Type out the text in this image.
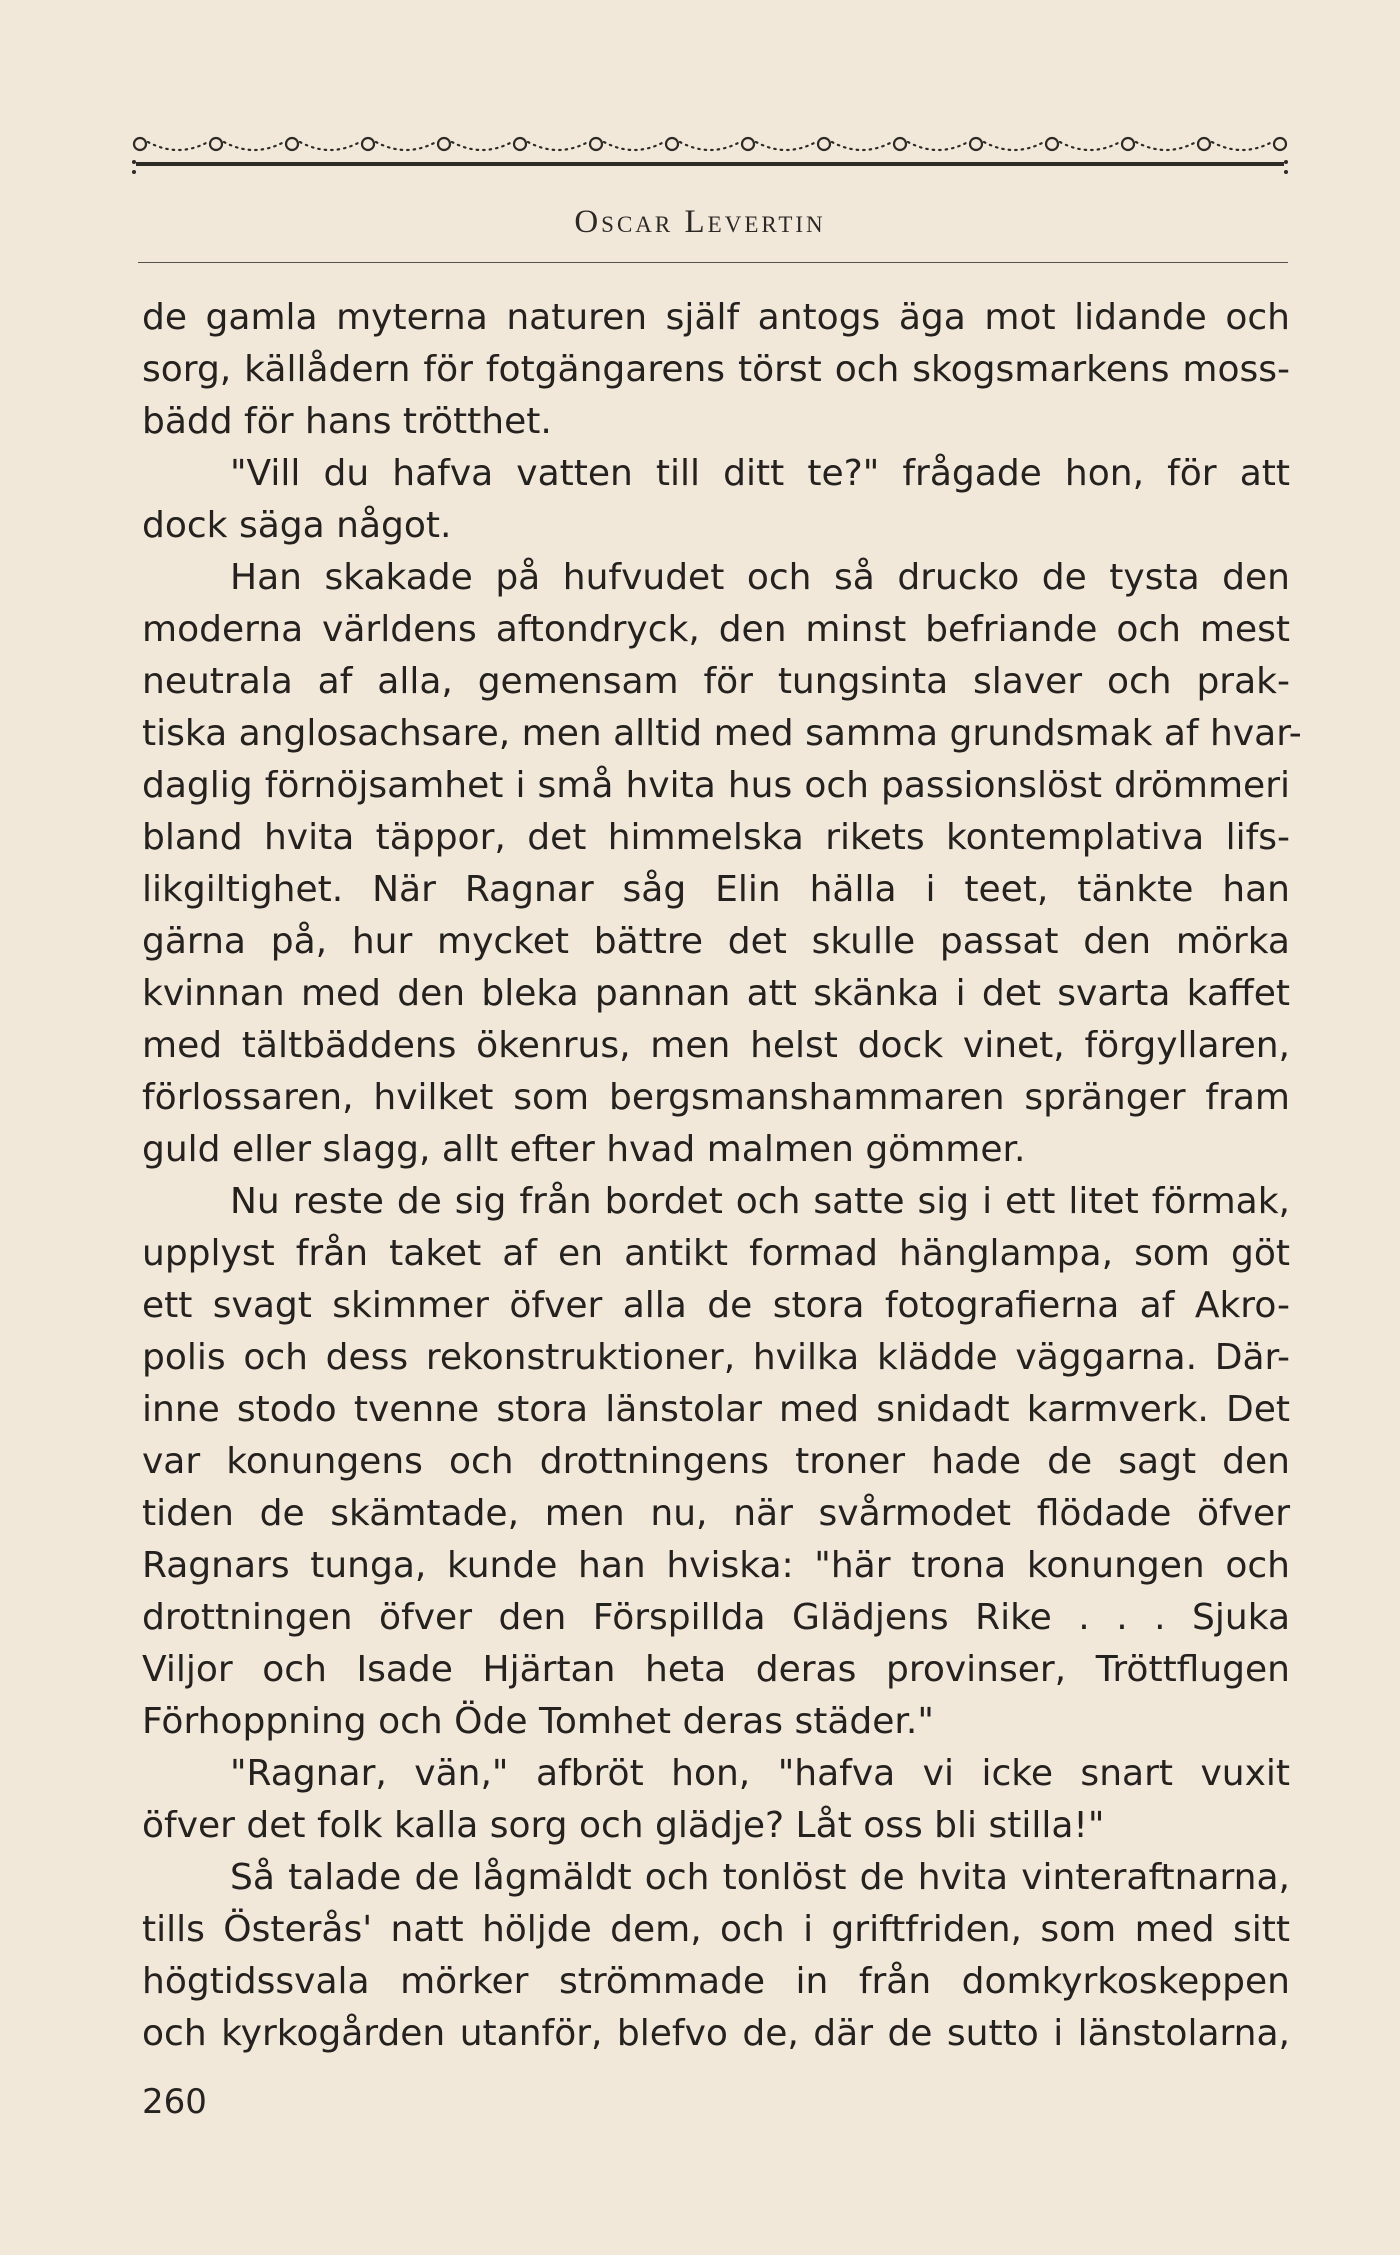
Oscar Levertin
de gamla myterna naturen själf antogs äga mot lidande och
sorg, källådern för fotgängarens törst och skogsmarkens moss-
bädd för hans trötthet.
"Vill du hafva vatten till ditt te?" frågade hon, för att
dock säga något.
Han skakade på hufvudet och så drucko de tysta den
moderna världens aftondryck, den minst befriande och mest
neutrala af alla, gemensam för tungsinta slaver och prak-
tiska anglosachsare, men alltid med samma grundsmak af hvar-
daglig förnöjsamhet i små hvita hus och passionslöst drömmeri
bland hvita täppor, det himmelska rikets kontemplativa lifs-
likgiltighet. När Ragnar såg Elin hälla i teet, tänkte han
gärna på, hur mycket bättre det skulle passat den mörka
kvinnan med den bleka pannan att skänka i det svarta kaffet
med tältbäddens ökenrus, men helst dock vinet, förgyllaren,
förlossaren, hvilket som bergsmanshammaren spränger fram
guld eller slagg, allt efter hvad malmen gömmer.
Nu reste de sig från bordet och satte sig i ett litet förmak,
upplyst från taket af en antikt formad hänglampa, som göt
ett svagt skimmer öfver alla de stora fotografierna af Akro-
polis och dess rekonstruktioner, hvilka klädde väggarna. Där-
inne stodo tvenne stora länstolar med snidadt karmverk. Det
var konungens och drottningens troner hade de sagt den
tiden de skämtade, men nu, när svårmodet flödade öfver
Ragnars tunga, kunde han hviska: "här trona konungen och
drottningen öfver den Förspillda Glädjens Rike . . . Sjuka
Viljor och Isade Hjärtan heta deras provinser, Tröttflugen
Förhoppning och Öde Tomhet deras städer."
"Ragnar, vän," afbröt hon, "hafva vi icke snart vuxit
öfver det folk kalla sorg och glädje? Låt oss bli stilla!"
Så talade de lågmäldt och tonlöst de hvita vinteraftnarna,
tills Österås' natt höljde dem, och i griftfriden, som med sitt
högtidssvala mörker strömmade in från domkyrkoskeppen
och kyrkogården utanför, blefvo de, där de sutto i länstolarna,
260
